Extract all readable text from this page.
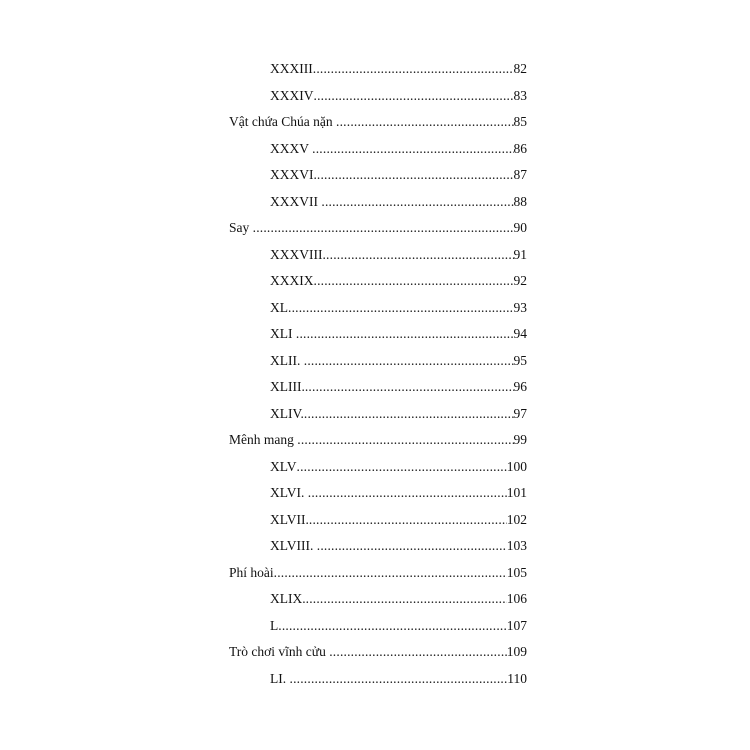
XXXIII .....	82
XXXIV .....	83
Vật chứa Chúa nặn .....	85
XXXV .....	86
XXXVI. .....	87
XXXVII .....	88
Say .....	90
XXXVIII .....	91
XXXIX .....	92
XL .....	93
XLI .....	94
XLII. .....	95
XLIII. .....	96
XLIV. .....	97
Mênh mang .....	99
XLV .....	100
XLVI. .....	101
XLVII. .....	102
XLVIII. .....	103
Phí hoài .....	105
XLIX. .....	106
L .....	107
Trò chơi vĩnh cửu .....	109
LI. .....	110
